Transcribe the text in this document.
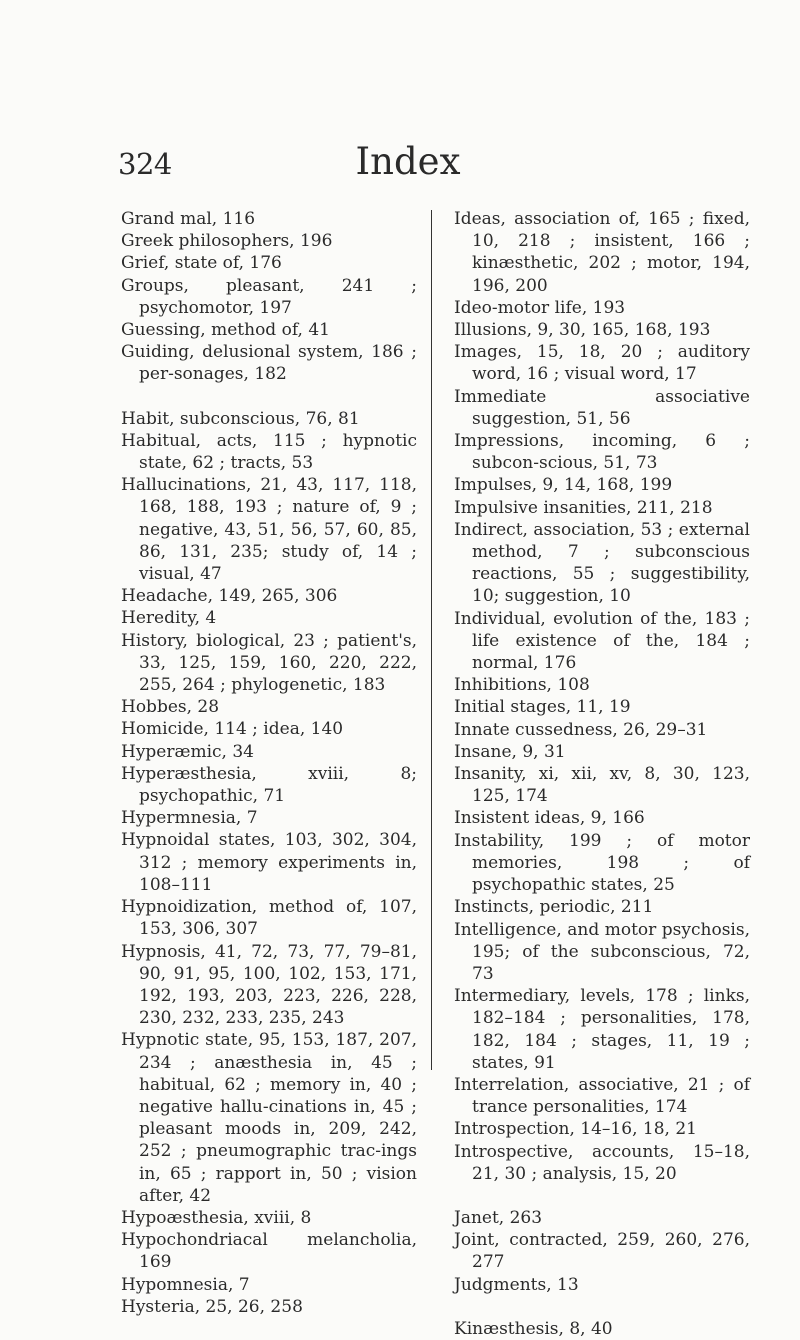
324	Index
Grand mal, 116
Greek philosophers, 196
Grief, state of, 176
Groups, pleasant, 241 ; psychomotor, 197
Guessing, method of, 41
Guiding, delusional system, 186 ; per-sonages, 182
Habit, subconscious, 76, 81
Habitual, acts, 115 ; hypnotic state, 62 ; tracts, 53
Hallucinations, 21, 43, 117, 118, 168, 188, 193 ; nature of, 9 ; negative, 43, 51, 56, 57, 60, 85, 86, 131, 235; study of, 14 ; visual, 47
Headache, 149, 265, 306
Heredity, 4
History, biological, 23 ; patient's, 33, 125, 159, 160, 220, 222, 255, 264 ; phylogenetic, 183
Hobbes, 28
Homicide, 114 ; idea, 140
Hyperæmic, 34
Hyperæsthesia, xviii, 8; psychopathic, 71
Hypermnesia, 7
Hypnoidal states, 103, 302, 304, 312 ; memory experiments in, 108–111
Hypnoidization, method of, 107, 153, 306, 307
Hypnosis, 41, 72, 73, 77, 79–81, 90, 91, 95, 100, 102, 153, 171, 192, 193, 203, 223, 226, 228, 230, 232, 233, 235, 243
Hypnotic state, 95, 153, 187, 207, 234 ; anæsthesia in, 45 ; habitual, 62 ; memory in, 40 ; negative hallu-cinations in, 45 ; pleasant moods in, 209, 242, 252 ; pneumographic trac-ings in, 65 ; rapport in, 50 ; vision after, 42
Hypoæsthesia, xviii, 8
Hypochondriacal melancholia, 169
Hypomnesia, 7
Hysteria, 25, 26, 258
Ideas, association of, 165 ; fixed, 10, 218 ; insistent, 166 ; kinæsthetic, 202 ; motor, 194, 196, 200
Ideo-motor life, 193
Illusions, 9, 30, 165, 168, 193
Images, 15, 18, 20 ; auditory word, 16 ; visual word, 17
Immediate associative suggestion, 51, 56
Impressions, incoming, 6 ; subcon-scious, 51, 73
Impulses, 9, 14, 168, 199
Impulsive insanities, 211, 218
Indirect, association, 53 ; external method, 7 ; subconscious reactions, 55 ; suggestibility, 10; suggestion, 10
Individual, evolution of the, 183 ; life existence of the, 184 ; normal, 176
Inhibitions, 108
Initial stages, 11, 19
Innate cussedness, 26, 29–31
Insane, 9, 31
Insanity, xi, xii, xv, 8, 30, 123, 125, 174
Insistent ideas, 9, 166
Instability, 199 ; of motor memories, 198 ; of psychopathic states, 25
Instincts, periodic, 211
Intelligence, and motor psychosis, 195; of the subconscious, 72, 73
Intermediary, levels, 178 ; links, 182–184 ; personalities, 178, 182, 184 ; stages, 11, 19 ; states, 91
Interrelation, associative, 21 ; of trance personalities, 174
Introspection, 14–16, 18, 21
Introspective, accounts, 15–18, 21, 30 ; analysis, 15, 20
Janet, 263
Joint, contracted, 259, 260, 276, 277
Judgments, 13
Kinæsthesis, 8, 40
